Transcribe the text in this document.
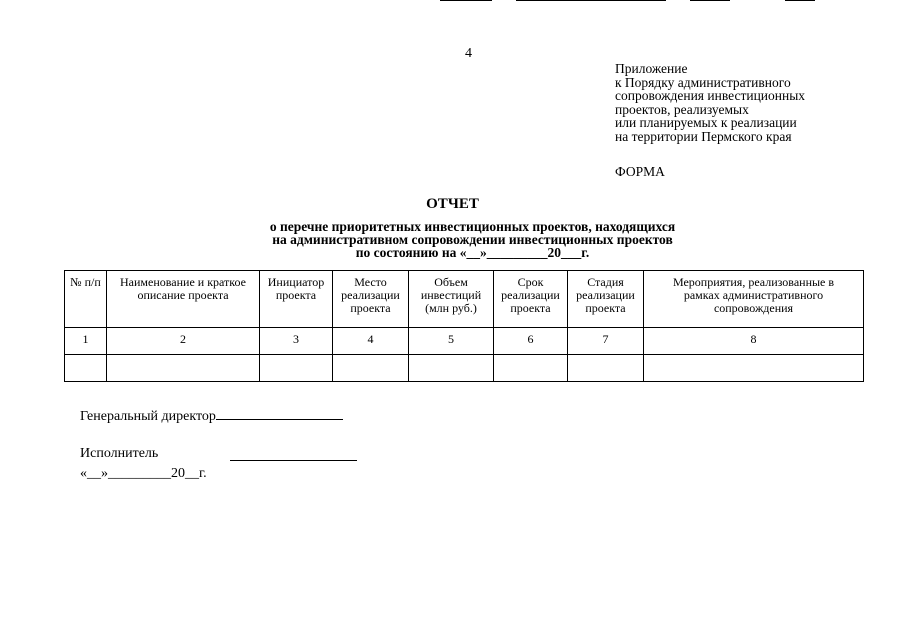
4
Приложение
к Порядку административного
сопровождения инвестиционных
проектов, реализуемых
или планируемых к реализации
на территории Пермского края
ФОРМА
ОТЧЕТ
о перечне приоритетных инвестиционных проектов, находящихся
на административном сопровождении инвестиционных проектов
по состоянию на «__»_________20___г.
№ п/п	Наименование и краткое описание проекта	Инициатор проекта	Место реализации проекта	Объем инвестиций (млн руб.)	Срок реализации проекта	Стадия реализации проекта	Мероприятия, реализованные в рамках административного сопровождения
1	2	3	4	5	6	7	8

Генеральный директор
Исполнитель
«__»_________20__г.
